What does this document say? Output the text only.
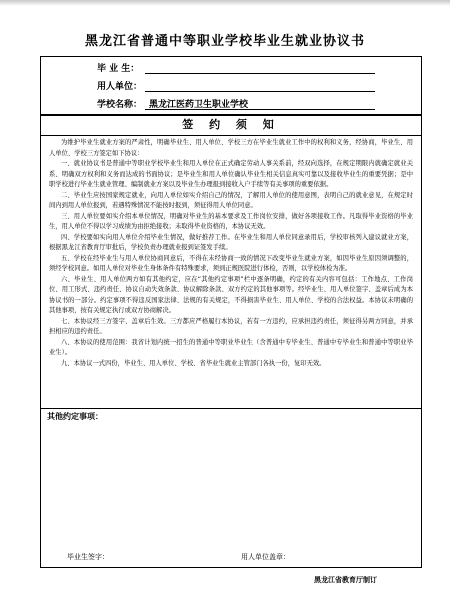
黑龙江省普通中等职业学校毕业生就业协议书
毕 业 生：
用人单位：
学校名称： 黑龙江医药卫生职业学校
签 约 须 知

为维护毕业生就业方案的严肃性，明确毕业生、用人单位、学校三方在毕业生就业工作中的权利和义务，经协商，毕业生、用人单位、学校三方签定如下协议：

一、就业协议书是普通中等职业学校毕业生和用人单位在正式确定劳动人事关系前，经双向选择，在规定期限内就确定就业关系、明确双方权利和义务而达成的书面协议；是毕业生和用人单位确认毕业生相关信息真实可靠以及接收毕业生的重要凭据；是中职学校进行毕业生就业管理、编制就业方案以及毕业生办理报到接收入户手续等有关事项的重要依据。

二、毕业生应按国家规定就业，向用人单位如实介绍自己的情况，了解用人单位的使用意图，表明自己的就业意见，在规定时间内到用人单位报到，若遇特殊情况不能按时报到，须征得用人单位同意。

三、用人单位要如实介绍本单位情况，明确对毕业生的基本要求及工作岗位安排，做好各项接收工作。凡取得毕业资格的毕业生，用人单位不得以学习成绩为由拒绝接收；未取得毕业资格的，本协议无效。

四、学校要如实向用人单位介绍毕业生情况，做好推荐工作。在毕业生和用人单位同意录用后，学校审核列入建议就业方案，根据黑龙江省教育厅审批后，学校负责办理就业报到证签发手续。

五、学校在经毕业生与用人单位协商同意后，不得在未经协商一致的情况下改变毕业生就业方案，如因毕业生原因须调整的，须经学校同意。如用人单位对毕业生身体条件有特殊要求，须到正规医院进行体检，否则，以学校体检为准。

六、毕业生、用人单位两方如有其他约定，应在“其他约定事项”栏中逐条明确，约定的有关内容可包括：工作地点、工作岗位、用工形式、违约责任、协议自动失效条款、协议解除条款、双方约定的其他事项等。经毕业生、用人单位签字、盖章后成为本协议书的一部分。约定事项不得违反国家法律、法规的有关规定，不得损害毕业生、用人单位、学校的合法权益。本协议未明确的其他事项，按有关规定执行或双方协商解决。

七、本协议经三方签字、盖章后生效。三方都应严格履行本协议，若有一方违约，应承担违约责任，须征得另两方同意，并承担相应的违约责任。

八、本协议的使用范围：我省计划内统一招生的普通中等职业毕业生（含普通中专毕业生、普通中专毕业生和普通中等职业毕业生）。

九、本协议一式四份，毕业生、用人单位、学校、省毕业生就业主管部门各执一份，复印无效。

其他约定事项：
毕业生签字：	用人单位盖章：
黑龙江省教育厅制订
